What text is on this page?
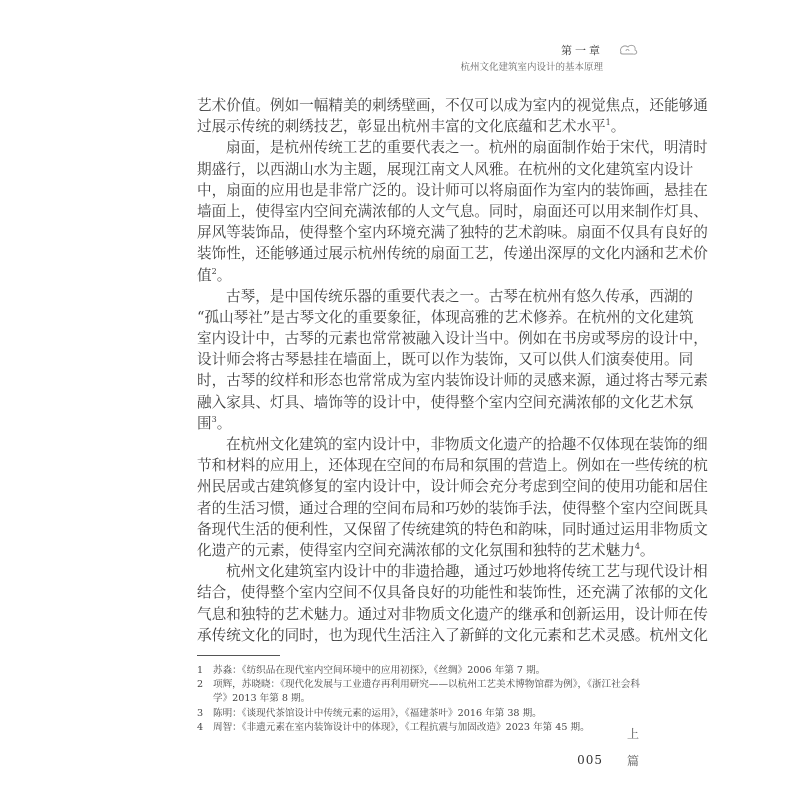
第一章
杭州文化建筑室内设计的基本原理
艺术价值。例如一幅精美的刺绣壁画，不仅可以成为室内的视觉焦点，还能够通
过展示传统的刺绣技艺，彰显出杭州丰富的文化底蕴和艺术水平$^1$。
扇面，是杭州传统工艺的重要代表之一。杭州的扇面制作始于宋代，明清时
期盛行，以西湖山水为主题，展现江南文人风雅。在杭州的文化建筑室内设计
中，扇面的应用也是非常广泛的。设计师可以将扇面作为室内的装饰画，悬挂在
墙面上，使得室内空间充满浓郁的人文气息。同时，扇面还可以用来制作灯具、
屏风等装饰品，使得整个室内环境充满了独特的艺术韵味。扇面不仅具有良好的
装饰性，还能够通过展示杭州传统的扇面工艺，传递出深厚的文化内涵和艺术价
值$^2$。
古琴，是中国传统乐器的重要代表之一。古琴在杭州有悠久传承，西湖的
“孤山琴社”是古琴文化的重要象征，体现高雅的艺术修养。在杭州的文化建筑
室内设计中，古琴的元素也常常被融入设计当中。例如在书房或琴房的设计中，
设计师会将古琴悬挂在墙面上，既可以作为装饰，又可以供人们演奏使用。同
时，古琴的纹样和形态也常常成为室内装饰设计师的灵感来源，通过将古琴元素
融入家具、灯具、墙饰等的设计中，使得整个室内空间充满浓郁的文化艺术氛
围$^3$。
在杭州文化建筑的室内设计中，非物质文化遗产的拾趣不仅体现在装饰的细
节和材料的应用上，还体现在空间的布局和氛围的营造上。例如在一些传统的杭
州民居或古建筑修复的室内设计中，设计师会充分考虑到空间的使用功能和居住
者的生活习惯，通过合理的空间布局和巧妙的装饰手法，使得整个室内空间既具
备现代生活的便利性，又保留了传统建筑的特色和韵味，同时通过运用非物质文
化遗产的元素，使得室内空间充满浓郁的文化氛围和独特的艺术魅力$^4$。
杭州文化建筑室内设计中的非遗拾趣，通过巧妙地将传统工艺与现代设计相
结合，使得整个室内空间不仅具备良好的功能性和装饰性，还充满了浓郁的文化
气息和独特的艺术魅力。通过对非物质文化遗产的继承和创新运用，设计师在传
承传统文化的同时，也为现代生活注入了新鲜的文化元素和艺术灵感。杭州文化
1 苏淼：《纺织品在现代室内空间环境中的应用初探》，《丝绸》2006 年第 7 期。
2 项辉，苏晓晓：《现代化发展与工业遗存再利用研究——以杭州工艺美术博物馆群为例》，《浙江社会科
学》2013 年第 8 期。
3 陈明：《谈现代茶馆设计中传统元素的运用》，《福建茶叶》2016 年第 38 期。
4 周智：《非遗元素在室内装饰设计中的体现》，《工程抗震与加固改造》2023 年第 45 期。	上
005 篇
